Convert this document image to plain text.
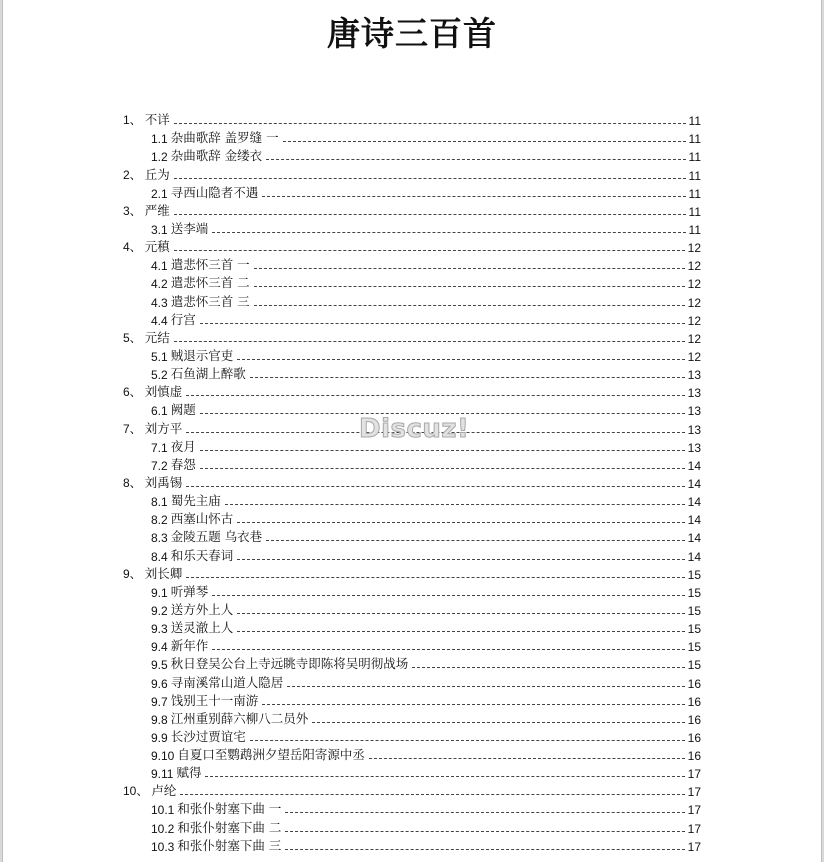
唐诗三百首
1、 不详	11
1.1 杂曲歌辞 盖罗缝 一	11
1.2 杂曲歌辞 金缕衣	11
2、 丘为	11
2.1 寻西山隐者不遇	11
3、 严维	11
3.1 送李端	11
4、 元稹	12
4.1 遣悲怀三首 一	12
4.2 遣悲怀三首 二	12
4.3 遣悲怀三首 三	12
4.4 行宫	12
5、 元结	12
5.1 贼退示官吏	12
5.2 石鱼湖上醉歌	13
6、 刘慎虚	13
6.1 阙题	13
7、 刘方平	13
7.1 夜月	13
7.2 春怨	14
8、 刘禹锡	14
8.1 蜀先主庙	14
8.2 西塞山怀古	14
8.3 金陵五题 乌衣巷	14
8.4 和乐天春词	14
9、 刘长卿	15
9.1 听弹琴	15
9.2 送方外上人	15
9.3 送灵澈上人	15
9.4 新年作	15
9.5 秋日登吴公台上寺远眺寺即陈将吴明彻战场	15
9.6 寻南溪常山道人隐居	16
9.7 饯别王十一南游	16
9.8 江州重别薛六柳八二员外	16
9.9 长沙过贾谊宅	16
9.10 自夏口至鹦鹉洲夕望岳阳寄源中丞	16
9.11 赋得	17
10、 卢纶	17
10.1 和张仆射塞下曲 一	17
10.2 和张仆射塞下曲 二	17
10.3 和张仆射塞下曲 三	17
Discuz!
